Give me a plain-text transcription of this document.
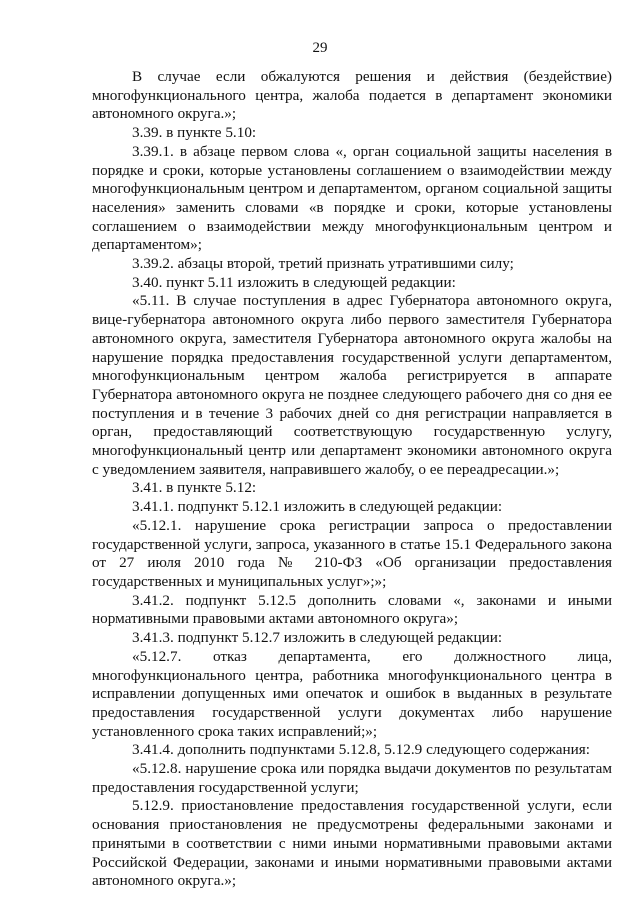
29

В случае если обжалуются решения и действия (бездействие) многофункционального центра, жалоба подается в департамент экономики автономного округа.»;

3.39. в пункте 5.10:

3.39.1. в абзаце первом слова «, орган социальной защиты населения в порядке и сроки, которые установлены соглашением о взаимодействии между многофункциональным центром и департаментом, органом социальной защиты населения» заменить словами «в порядке и сроки, которые установлены соглашением о взаимодействии между многофункциональным центром и департаментом»;

3.39.2. абзацы второй, третий признать утратившими силу;

3.40. пункт 5.11 изложить в следующей редакции:

«5.11. В случае поступления в адрес Губернатора автономного округа, вице-губернатора автономного округа либо первого заместителя Губернатора автономного округа, заместителя Губернатора автономного округа жалобы на нарушение порядка предоставления государственной услуги департаментом, многофункциональным центром жалоба регистрируется в аппарате Губернатора автономного округа не позднее следующего рабочего дня со дня ее поступления и в течение 3 рабочих дней со дня регистрации направляется в орган, предоставляющий соответствующую государственную услугу, многофункциональный центр или департамент экономики автономного округа с уведомлением заявителя, направившего жалобу, о ее переадресации.»;

3.41. в пункте 5.12:

3.41.1. подпункт 5.12.1 изложить в следующей редакции:

«5.12.1. нарушение срока регистрации запроса о предоставлении государственной услуги, запроса, указанного в статье 15.1 Федерального закона от 27 июля 2010 года № 210-ФЗ «Об организации предоставления государственных и муниципальных услуг»;»;

3.41.2. подпункт 5.12.5 дополнить словами «, законами и иными нормативными правовыми актами автономного округа»;

3.41.3. подпункт 5.12.7 изложить в следующей редакции:

«5.12.7. отказ департамента, его должностного лица, многофункционального центра, работника многофункционального центра в исправлении допущенных ими опечаток и ошибок в выданных в результате предоставления государственной услуги документах либо нарушение установленного срока таких исправлений;»;

3.41.4. дополнить подпунктами 5.12.8, 5.12.9 следующего содержания:

«5.12.8. нарушение срока или порядка выдачи документов по результатам предоставления государственной услуги;

5.12.9. приостановление предоставления государственной услуги, если основания приостановления не предусмотрены федеральными законами и принятыми в соответствии с ними иными нормативными правовыми актами Российской Федерации, законами и иными нормативными правовыми актами автономного округа.»;
